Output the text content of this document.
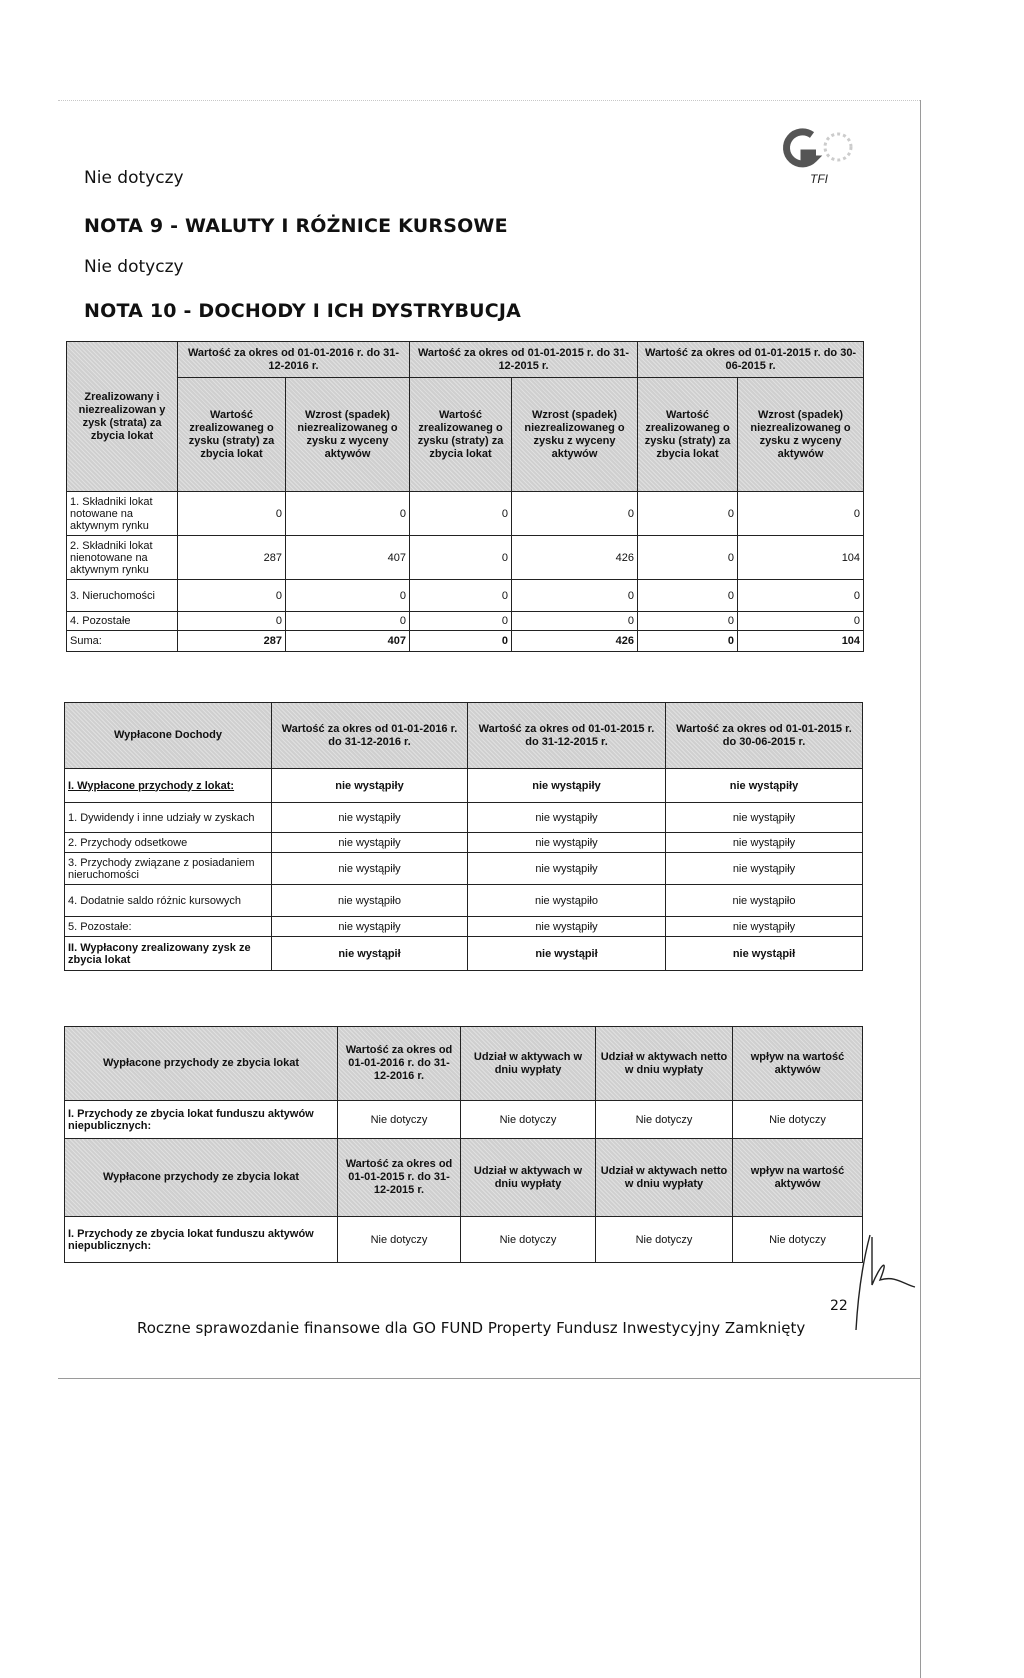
TFI
Nie dotyczy
NOTA 9 - WALUTY I RÓŻNICE KURSOWE
Nie dotyczy
NOTA 10 - DOCHODY I ICH DYSTRYBUCJA
Zrealizowany i niezrealizowan y zysk (strata) za zbycia lokat	Wartość za okres od 01-01-2016 r. do 31-12-2016 r.		Wartość za okres od 01-01-2015 r. do 31-12-2015 r.		Wartość za okres od 01-01-2015 r. do 30-06-2015 r.	
	Wartość zrealizowaneg o zysku (straty) za zbycia lokat	Wzrost (spadek) niezrealizowaneg o zysku z wyceny aktywów	Wartość zrealizowaneg o zysku (straty) za zbycia lokat	Wzrost (spadek) niezrealizowaneg o zysku z wyceny aktywów	Wartość zrealizowaneg o zysku (straty) za zbycia lokat	Wzrost (spadek) niezrealizowaneg o zysku z wyceny aktywów
1. Składniki lokat notowane na aktywnym rynku	0	0	0	0	0	0
2. Składniki lokat nienotowane na aktywnym rynku	287	407	0	426	0	104
3. Nieruchomości	0	0	0	0	0	0
4. Pozostałe	0	0	0	0	0	0
Suma:	287	407	0	426	0	104
Wypłacone Dochody	Wartość za okres od 01-01-2016 r. do 31-12-2016 r.	Wartość za okres od 01-01-2015 r. do 31-12-2015 r.	Wartość za okres od 01-01-2015 r. do 30-06-2015 r.
I. Wypłacone przychody z lokat:	nie wystąpiły	nie wystąpiły	nie wystąpiły
1. Dywidendy i inne udziały w zyskach	nie wystąpiły	nie wystąpiły	nie wystąpiły
2. Przychody odsetkowe	nie wystąpiły	nie wystąpiły	nie wystąpiły
3. Przychody związane z posiadaniem nieruchomości	nie wystąpiły	nie wystąpiły	nie wystąpiły
4. Dodatnie saldo różnic kursowych	nie wystąpiło	nie wystąpiło	nie wystąpiło
5. Pozostałe:	nie wystąpiły	nie wystąpiły	nie wystąpiły
II. Wypłacony zrealizowany zysk ze zbycia lokat	nie wystąpił	nie wystąpił	nie wystąpił
Wypłacone przychody ze zbycia lokat	Wartość za okres od 01-01-2016 r. do 31-12-2016 r.	Udział w aktywach w dniu wypłaty	Udział w aktywach netto w dniu wypłaty	wpływ na wartość aktywów
I. Przychody ze zbycia lokat funduszu aktywów niepublicznych:	Nie dotyczy	Nie dotyczy	Nie dotyczy	Nie dotyczy
Wypłacone przychody ze zbycia lokat	Wartość za okres od 01-01-2015 r. do 31-12-2015 r.	Udział w aktywach w dniu wypłaty	Udział w aktywach netto w dniu wypłaty	wpływ na wartość aktywów
I. Przychody ze zbycia lokat funduszu aktywów niepublicznych:	Nie dotyczy	Nie dotyczy	Nie dotyczy	Nie dotyczy
Roczne sprawozdanie finansowe dla GO FUND Property Fundusz Inwestycyjny Zamknięty
22
